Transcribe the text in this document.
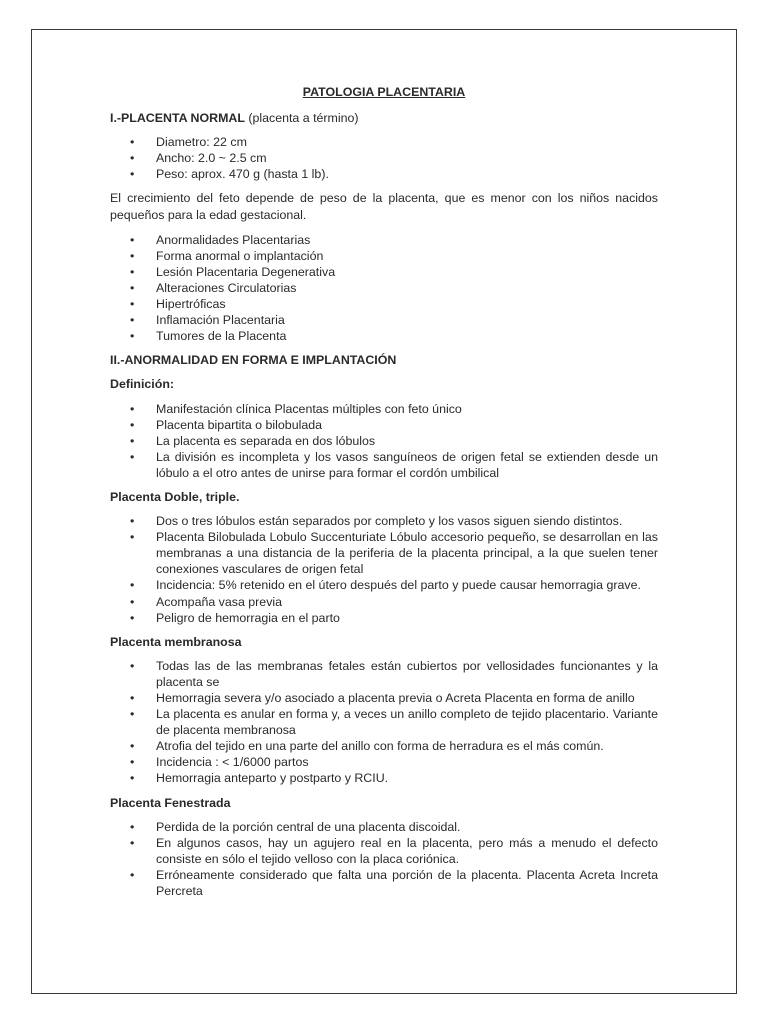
PATOLOGIA PLACENTARIA

I.-PLACENTA NORMAL (placenta a término)

• Diametro: 22 cm
• Ancho: 2.0 ~ 2.5 cm
• Peso: aprox. 470 g (hasta 1 lb).

El crecimiento del feto depende de peso de la placenta, que es menor con los niños nacidos pequeños para la edad gestacional.

• Anormalidades Placentarias
• Forma anormal o implantación
• Lesión Placentaria Degenerativa
• Alteraciones Circulatorias
• Hipertróficas
• Inflamación Placentaria
• Tumores de la Placenta

II.-ANORMALIDAD EN FORMA E IMPLANTACIÓN

Definición:

• Manifestación clínica Placentas múltiples con feto único
• Placenta bipartita o bilobulada
• La placenta es separada en dos lóbulos
• La división es incompleta y los vasos sanguíneos de origen fetal se extienden desde un lóbulo a el otro antes de unirse para formar el cordón umbilical

Placenta Doble, triple.

• Dos o tres lóbulos están separados por completo y los vasos siguen siendo distintos.
• Placenta Bilobulada Lobulo Succenturiate Lóbulo accesorio pequeño, se desarrollan en las membranas a una distancia de la periferia de la placenta principal, a la que suelen tener conexiones vasculares de origen fetal
• Incidencia: 5% retenido en el útero después del parto y puede causar hemorragia grave.
• Acompaña vasa previa
• Peligro de hemorragia en el parto

Placenta membranosa

• Todas las de las membranas fetales están cubiertos por vellosidades funcionantes y la placenta se
• Hemorragia severa y/o asociado a placenta previa o Acreta Placenta en forma de anillo
• La placenta es anular en forma y, a veces un anillo completo de tejido placentario. Variante de placenta membranosa
• Atrofia del tejido en una parte del anillo con forma de herradura es el más común.
• Incidencia : < 1/6000 partos
• Hemorragia anteparto y postparto y RCIU.

Placenta Fenestrada

• Perdida de la porción central de una placenta discoidal.
• En algunos casos, hay un agujero real en la placenta, pero más a menudo el defecto consiste en sólo el tejido velloso con la placa coriónica.
• Erróneamente considerado que falta una porción de la placenta. Placenta Acreta Increta Percreta
